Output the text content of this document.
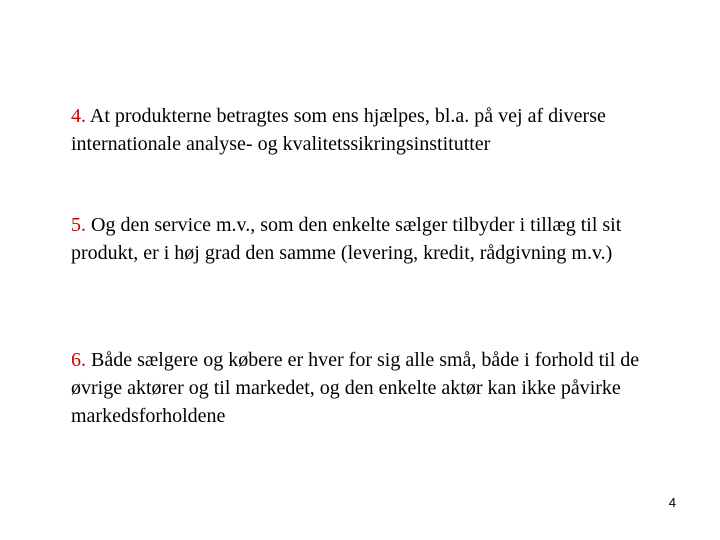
4. At produkterne betragtes som ens hjælpes, bl.a. på vej af diverse internationale analyse- og kvalitetssikringsinstitutter

5. Og den service m.v., som den enkelte sælger tilbyder i tillæg til sit produkt, er i høj grad den samme (levering, kredit, rådgivning m.v.)

6. Både sælgere og købere er hver for sig alle små, både i forhold til de øvrige aktører og til markedet, og den enkelte aktør kan ikke påvirke markedsforholdene

4
